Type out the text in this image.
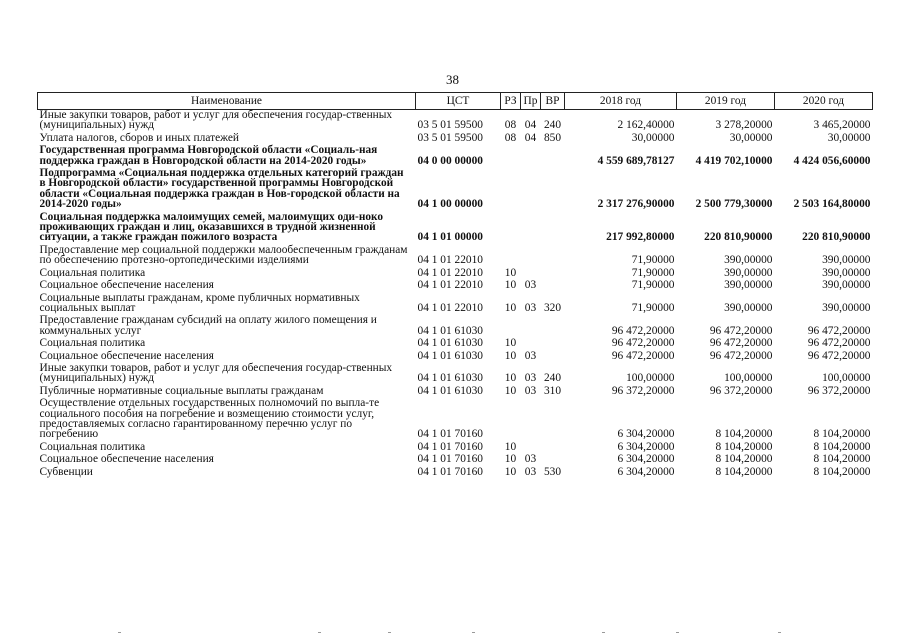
38
Наименование	ЦСТ	РЗ	Пр	ВР	2018 год	2019 год	2020 год
Иные закупки товаров, работ и услуг для обеспечения государ-ственных (муниципальных) нужд	03 5 01 59500	08	04	240	2 162,40000	3 278,20000	3 465,20000
Уплата налогов, сборов и иных платежей	03 5 01 59500	08	04	850	30,00000	30,00000	30,00000
Государственная программа Новгородской области «Социаль-ная поддержка граждан в Новгородской области на 2014-2020 годы»	04 0 00 00000				4 559 689,78127	4 419 702,10000	4 424 056,60000
Подпрограмма «Социальная поддержка отдельных категорий граждан в Новгородской области» государственной программы Новгородской области «Социальная поддержка граждан в Нов-городской области на 2014-2020 годы»	04 1 00 00000				2 317 276,90000	2 500 779,30000	2 503 164,80000
Социальная поддержка малоимущих семей, малоимущих оди-ноко проживающих граждан и лиц, оказавшихся в трудной жизненной ситуации, а также граждан пожилого возраста	04 1 01 00000				217 992,80000	220 810,90000	220 810,90000
Предоставление мер социальной поддержки малообеспеченным гражданам по обеспечению протезно-ортопедическими изделиями	04 1 01 22010				71,90000	390,00000	390,00000
Социальная политика	04 1 01 22010	10			71,90000	390,00000	390,00000
Социальное обеспечение населения	04 1 01 22010	10	03		71,90000	390,00000	390,00000
Социальные выплаты гражданам, кроме публичных нормативных социальных выплат	04 1 01 22010	10	03	320	71,90000	390,00000	390,00000
Предоставление гражданам субсидий на оплату жилого помещения и коммунальных услуг	04 1 01 61030				96 472,20000	96 472,20000	96 472,20000
Социальная политика	04 1 01 61030	10			96 472,20000	96 472,20000	96 472,20000
Социальное обеспечение населения	04 1 01 61030	10	03		96 472,20000	96 472,20000	96 472,20000
Иные закупки товаров, работ и услуг для обеспечения государ-ственных (муниципальных) нужд	04 1 01 61030	10	03	240	100,00000	100,00000	100,00000
Публичные нормативные социальные выплаты гражданам	04 1 01 61030	10	03	310	96 372,20000	96 372,20000	96 372,20000
Осуществление отдельных государственных полномочий по выпла-те социального пособия на погребение и возмещению стоимости услуг, предоставляемых согласно гарантированному перечню услуг по погребению	04 1 01 70160				6 304,20000	8 104,20000	8 104,20000
Социальная политика	04 1 01 70160	10			6 304,20000	8 104,20000	8 104,20000
Социальное обеспечение населения	04 1 01 70160	10	03		6 304,20000	8 104,20000	8 104,20000
Субвенции	04 1 01 70160	10	03	530	6 304,20000	8 104,20000	8 104,20000
